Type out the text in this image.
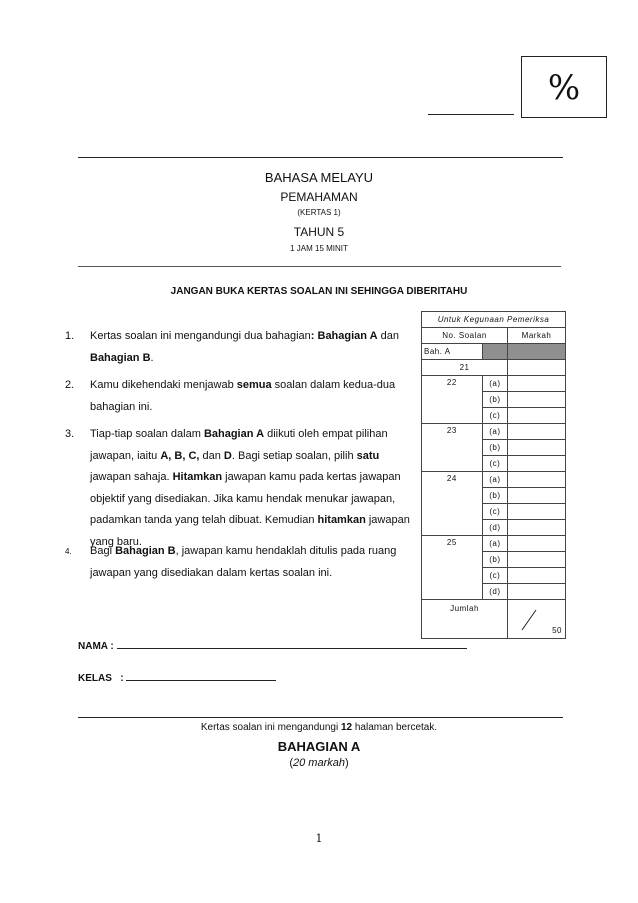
%
BAHASA MELAYU
PEMAHAMAN
(KERTAS 1)
TAHUN 5
1 JAM 15 MINIT
JANGAN BUKA KERTAS SOALAN INI SEHINGGA DIBERITAHU
1. Kertas soalan ini mengandungi dua bahagian: Bahagian A dan Bahagian B.
2. Kamu dikehendaki menjawab semua soalan dalam kedua-dua bahagian ini.
3. Tiap-tiap soalan dalam Bahagian A diikuti oleh empat pilihan jawapan, iaitu A, B, C, dan D. Bagi setiap soalan, pilih satu jawapan sahaja. Hitamkan jawapan kamu pada kertas jawapan objektif yang disediakan. Jika kamu hendak menukar jawapan, padamkan tanda yang telah dibuat. Kemudian hitamkan jawapan yang baru.
4. Bagi Bahagian B, jawapan kamu hendaklah ditulis pada ruang jawapan yang disediakan dalam kertas soalan ini.
Untuk Kegunaan Pemeriksa		
No. Soalan		Markah
Bah. A		
21		
22	(a)	
	(b)	
	(c)	
23	(a)	
	(b)	
	(c)	
24	(a)	
	(b)	
	(c)	
	(d)	
25	(a)	
	(b)	
	(c)	
	(d)	
Jumlah		50
NAMA :
KELAS   :
Kertas soalan ini mengandungi 12 halaman bercetak.
BAHAGIAN A
(20 markah)
1
